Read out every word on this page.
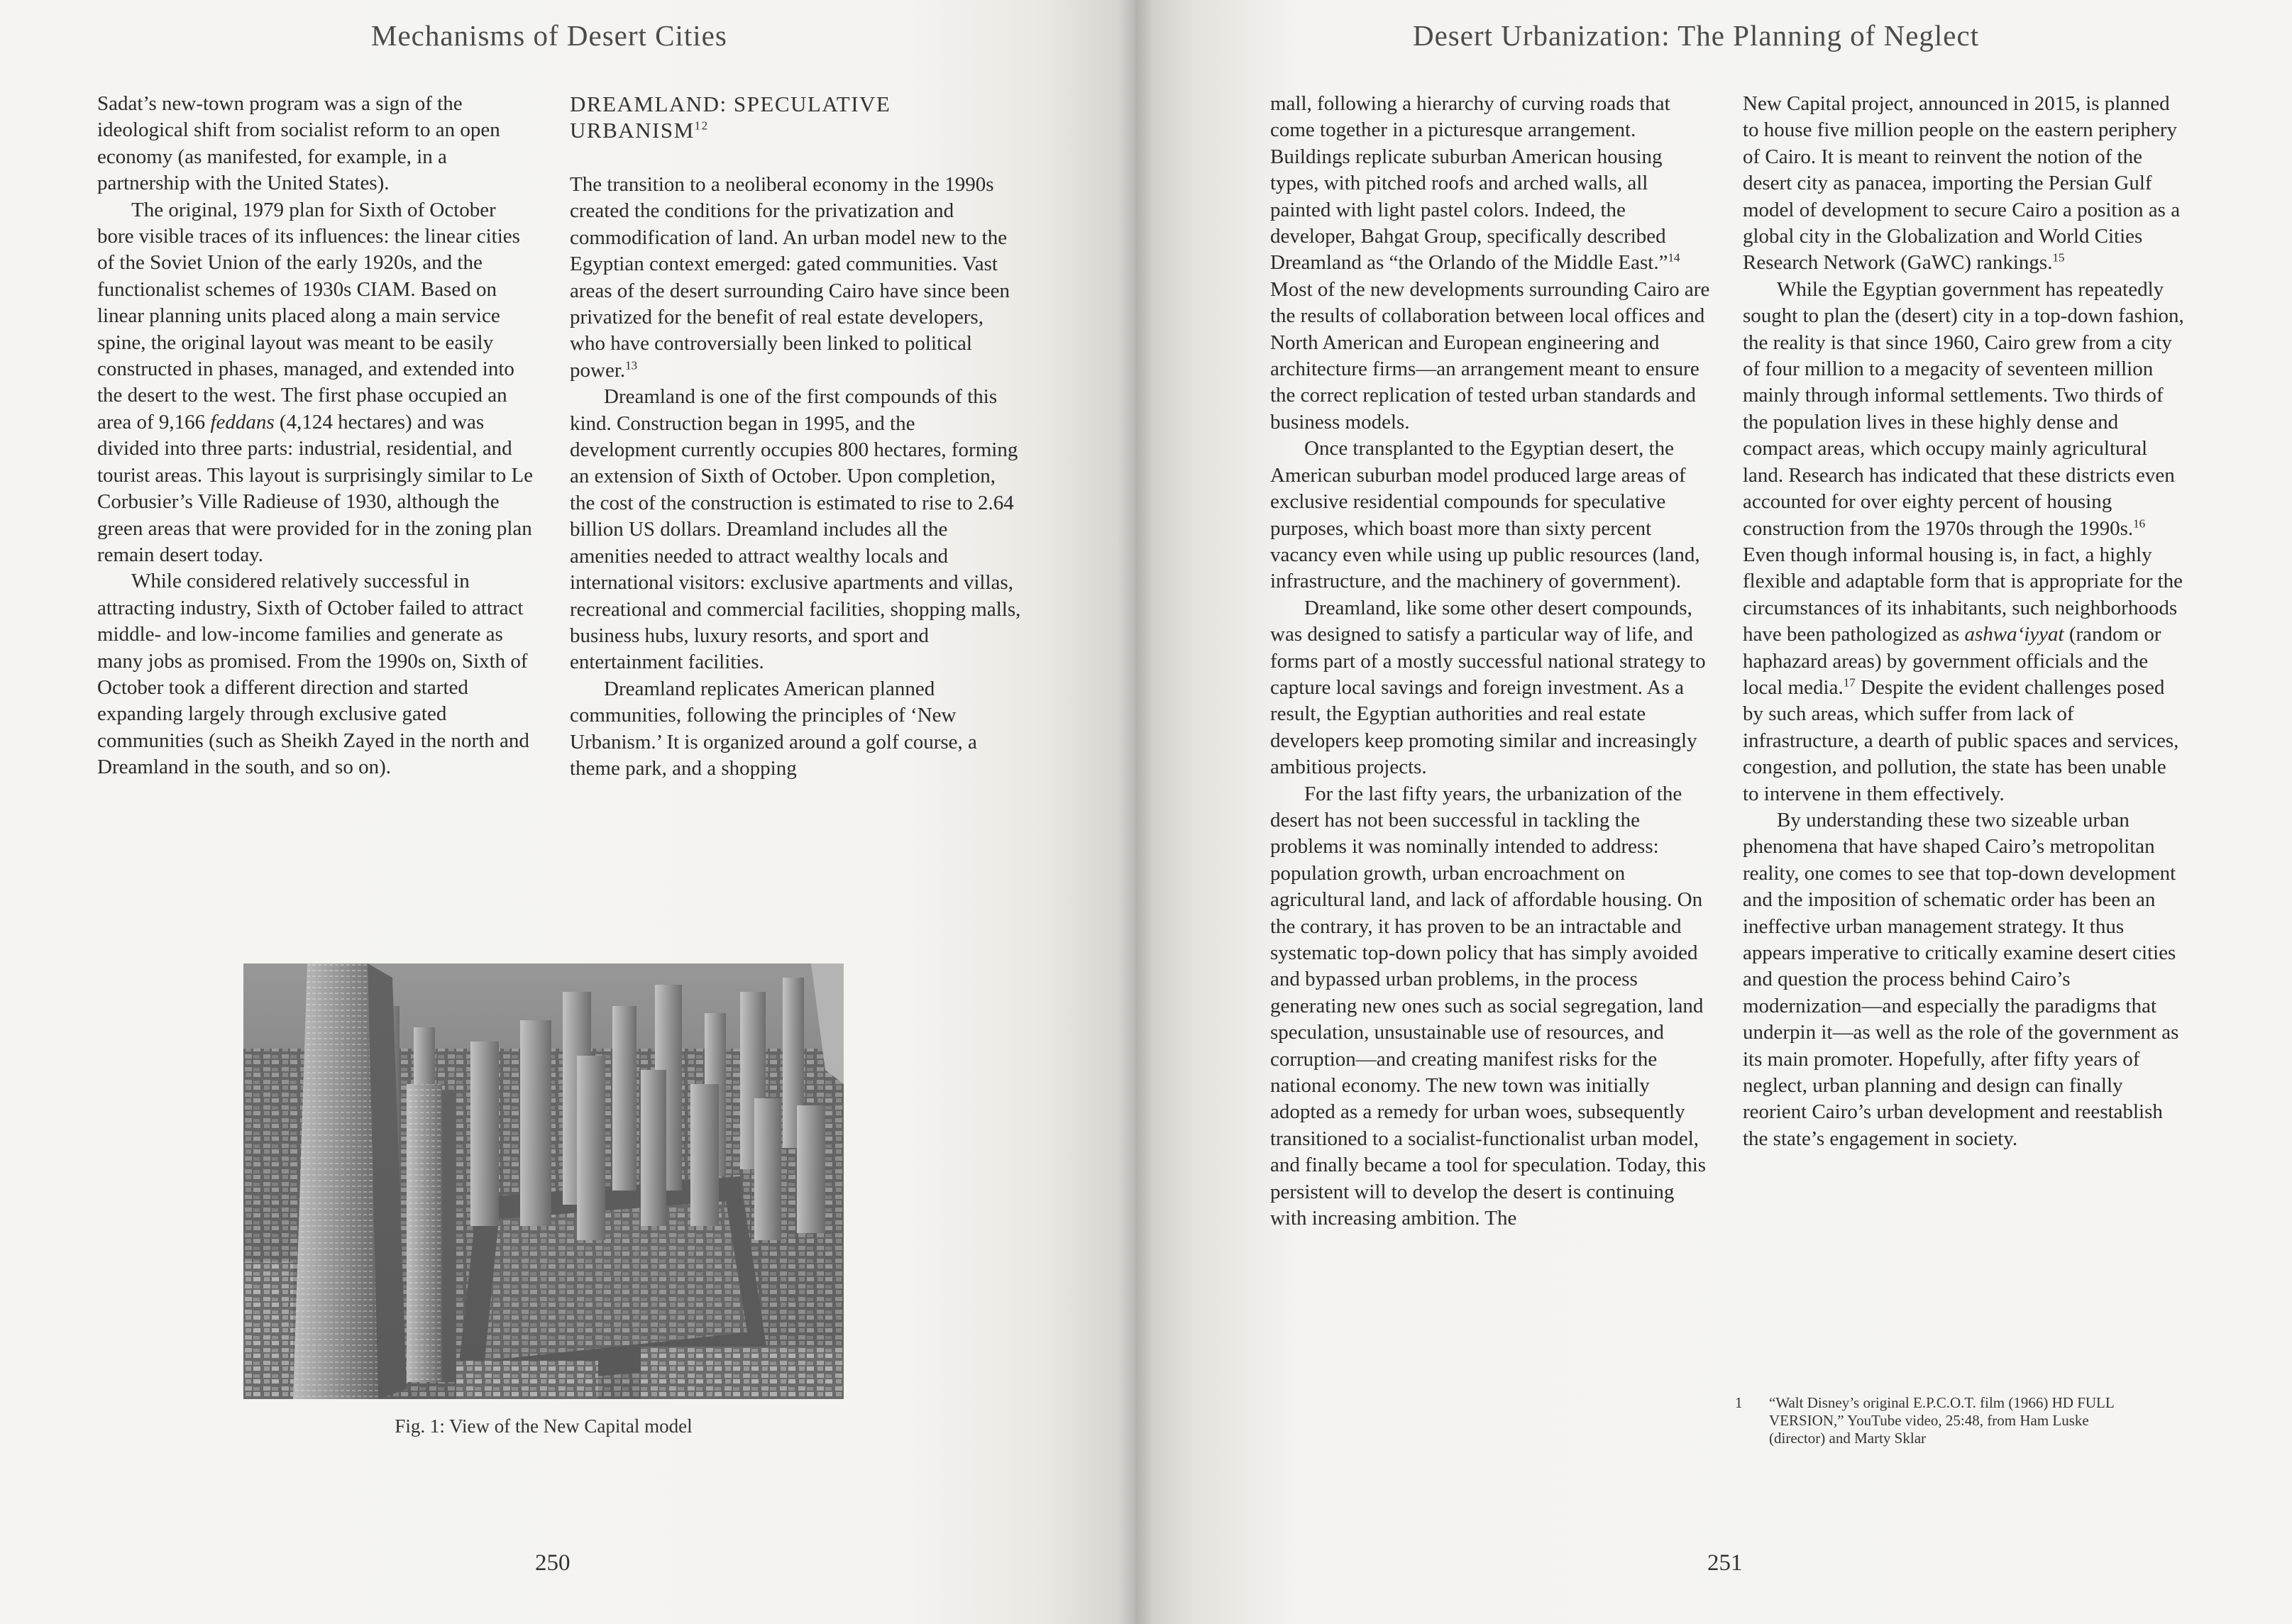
Mechanisms of Desert Cities

Sadat’s new-town program was a sign of the ideological shift from socialist reform to an open economy (as manifested, for example, in a partnership with the United States).

The original, 1979 plan for Sixth of October bore visible traces of its influences: the linear cities of the Soviet Union of the early 1920s, and the functionalist schemes of 1930s CIAM. Based on linear planning units placed along a main service spine, the original layout was meant to be easily constructed in phases, managed, and extended into the desert to the west. The first phase occupied an area of 9,166 feddans (4,124 hectares) and was divided into three parts: industrial, residential, and tourist areas. This layout is surprisingly similar to Le Corbusier’s Ville Radieuse of 1930, although the green areas that were provided for in the zoning plan remain desert today.

While considered relatively successful in attracting industry, Sixth of October failed to attract middle- and low-income families and generate as many jobs as promised. From the 1990s on, Sixth of October took a different direction and started expanding largely through exclusive gated communities (such as Sheikh Zayed in the north and Dreamland in the south, and so on).

DREAMLAND: SPECULATIVE URBANISM$^{12}$

The transition to a neoliberal economy in the 1990s created the conditions for the privatization and commodification of land. An urban model new to the Egyptian context emerged: gated communities. Vast areas of the desert surrounding Cairo have since been privatized for the benefit of real estate developers, who have controversially been linked to political power.$^{13}$

Dreamland is one of the first compounds of this kind. Construction began in 1995, and the development currently occupies 800 hectares, forming an extension of Sixth of October. Upon completion, the cost of the construction is estimated to rise to 2.64 billion US dollars. Dreamland includes all the amenities needed to attract wealthy locals and international visitors: exclusive apartments and villas, recreational and commercial facilities, shopping malls, business hubs, luxury resorts, and sport and entertainment facilities.

Dreamland replicates American planned communities, following the principles of ‘New Urbanism.’ It is organized around a golf course, a theme park, and a shopping

Fig. 1: View of the New Capital model
250
Desert Urbanization: The Planning of Neglect

mall, following a hierarchy of curving roads that come together in a picturesque arrangement. Buildings replicate suburban American housing types, with pitched roofs and arched walls, all painted with light pastel colors. Indeed, the developer, Bahgat Group, specifically described Dreamland as “the Orlando of the Middle East.”$^{14}$ Most of the new developments surrounding Cairo are the results of collaboration between local offices and North American and European engineering and architecture firms—an arrangement meant to ensure the correct replication of tested urban standards and business models.

Once transplanted to the Egyptian desert, the American suburban model produced large areas of exclusive residential compounds for speculative purposes, which boast more than sixty percent vacancy even while using up public resources (land, infrastructure, and the machinery of government).

Dreamland, like some other desert compounds, was designed to satisfy a particular way of life, and forms part of a mostly successful national strategy to capture local savings and foreign investment. As a result, the Egyptian authorities and real estate developers keep promoting similar and increasingly ambitious projects.

For the last fifty years, the urbanization of the desert has not been successful in tackling the problems it was nominally intended to address: population growth, urban encroachment on agricultural land, and lack of affordable housing. On the contrary, it has proven to be an intractable and systematic top-down policy that has simply avoided and bypassed urban problems, in the process generating new ones such as social segregation, land speculation, unsustainable use of resources, and corruption—and creating manifest risks for the national economy. The new town was initially adopted as a remedy for urban woes, subsequently transitioned to a socialist-functionalist urban model, and finally became a tool for speculation. Today, this persistent will to develop the desert is continuing with increasing ambition. The

New Capital project, announced in 2015, is planned to house five million people on the eastern periphery of Cairo. It is meant to reinvent the notion of the desert city as panacea, importing the Persian Gulf model of development to secure Cairo a position as a global city in the Globalization and World Cities Research Network (GaWC) rankings.$^{15}$

While the Egyptian government has repeatedly sought to plan the (desert) city in a top-down fashion, the reality is that since 1960, Cairo grew from a city of four million to a megacity of seventeen million mainly through informal settlements. Two thirds of the population lives in these highly dense and compact areas, which occupy mainly agricultural land. Research has indicated that these districts even accounted for over eighty percent of housing construction from the 1970s through the 1990s.$^{16}$ Even though informal housing is, in fact, a highly flexible and adaptable form that is appropriate for the circumstances of its inhabitants, such neighborhoods have been pathologized as ashwa‘iyyat (random or haphazard areas) by government officials and the local media.$^{17}$ Despite the evident challenges posed by such areas, which suffer from lack of infrastructure, a dearth of public spaces and services, congestion, and pollution, the state has been unable to intervene in them effectively.

By understanding these two sizeable urban phenomena that have shaped Cairo’s metropolitan reality, one comes to see that top-down development and the imposition of schematic order has been an ineffective urban management strategy. It thus appears imperative to critically examine desert cities and question the process behind Cairo’s modernization—and especially the paradigms that underpin it—as well as the role of the government as its main promoter. Hopefully, after fifty years of neglect, urban planning and design can finally reorient Cairo’s urban development and reestablish the state’s engagement in society.

1 “Walt Disney’s original E.P.C.O.T. film (1966) HD FULL VERSION,” YouTube video, 25:48, from Ham Luske (director) and Marty Sklar
251
